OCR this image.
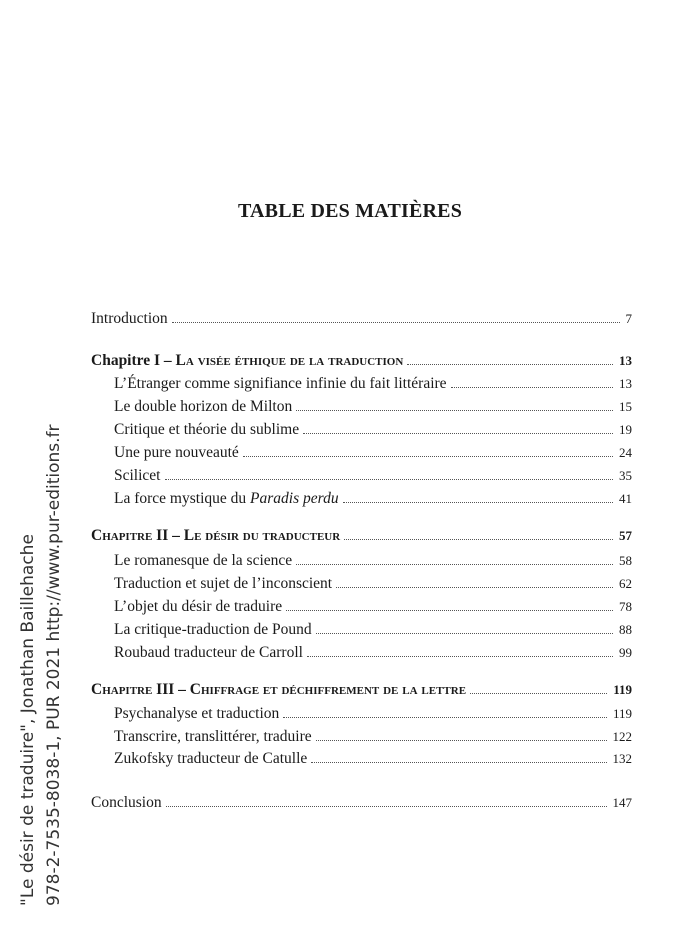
TABLE DES MATIÈRES
Introduction	7
Chapitre I – La visée éthique de la traduction	13
L’Étranger comme signifiance infinie du fait littéraire	13
Le double horizon de Milton	15
Critique et théorie du sublime	19
Une pure nouveauté	24
Scilicet	35
La force mystique du Paradis perdu	41
Chapitre II – Le désir du traducteur	57
Le romanesque de la science	58
Traduction et sujet de l’inconscient	62
L’objet du désir de traduire	78
La critique-traduction de Pound	88
Roubaud traducteur de Carroll	99
Chapitre III – Chiffrage et déchiffrement de la lettre	119
Psychanalyse et traduction	119
Transcrire, translittérer, traduire	122
Zukofsky traducteur de Catulle	132
Conclusion	147
"Le désir de traduire", Jonathan Baillehache 978-2-7535-8038-1, PUR 2021 http://www.pur-editions.fr
